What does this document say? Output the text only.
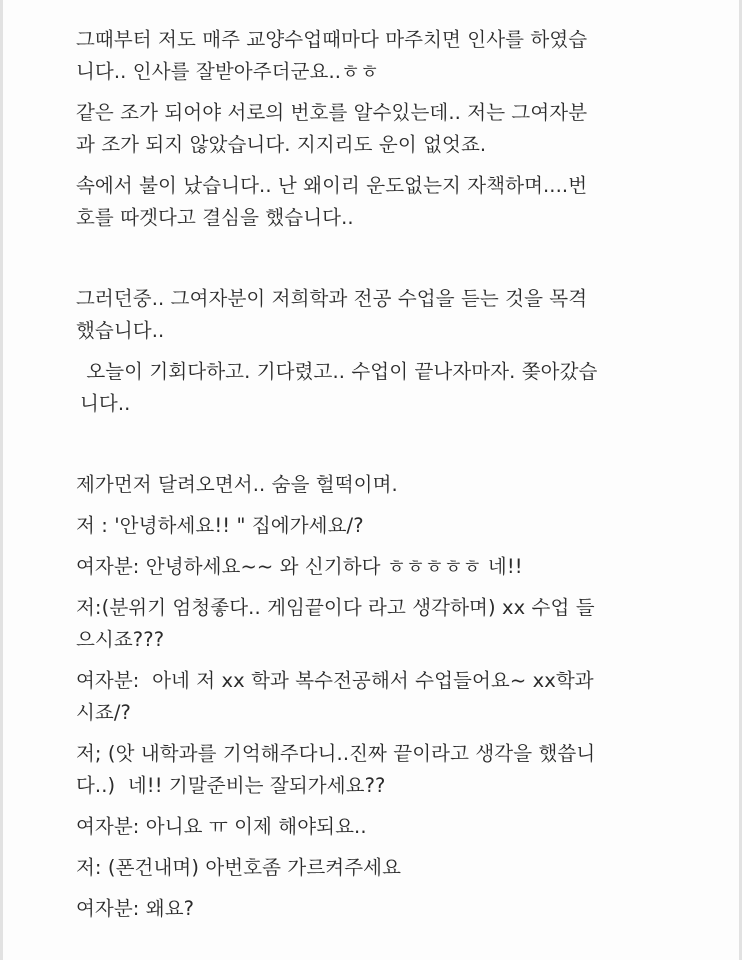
그때부터 저도 매주 교양수업때마다 마주치면 인사를 하였습
니다.. 인사를 잘받아주더군요..ㅎㅎ

같은 조가 되어야 서로의 번호를 알수있는데.. 저는 그여자분
과 조가 되지 않았습니다. 지지리도 운이 없엇죠.

속에서 불이 났습니다.. 난 왜이리 운도없는지 자책하며....번
호를 따겟다고 결심을 했습니다..

그러던중.. 그여자분이 저희학과 전공 수업을 듣는 것을 목격
했습니다..

오늘이 기회다하고. 기다렸고.. 수업이 끝나자마자. 쫒아갔습
니다..

제가먼저 달려오면서.. 숨을 헐떡이며.

저 : '안녕하세요!! " 집에가세요/?

여자분: 안녕하세요~~ 와 신기하다 ㅎㅎㅎㅎㅎ 네!!

저:(분위기 엄청좋다.. 게임끝이다 라고 생각하며) xx 수업 들
으시죠???

여자분:  아네 저 xx 학과 복수전공해서 수업들어요~ xx학과
시죠/?

저; (앗 내학과를 기억해주다니..진짜 끝이라고 생각을 했씁니
다..)  네!! 기말준비는 잘되가세요??

여자분: 아니요 ㅠ 이제 해야되요..

저: (폰건내며) 아번호좀 가르켜주세요

여자분: 왜요?
